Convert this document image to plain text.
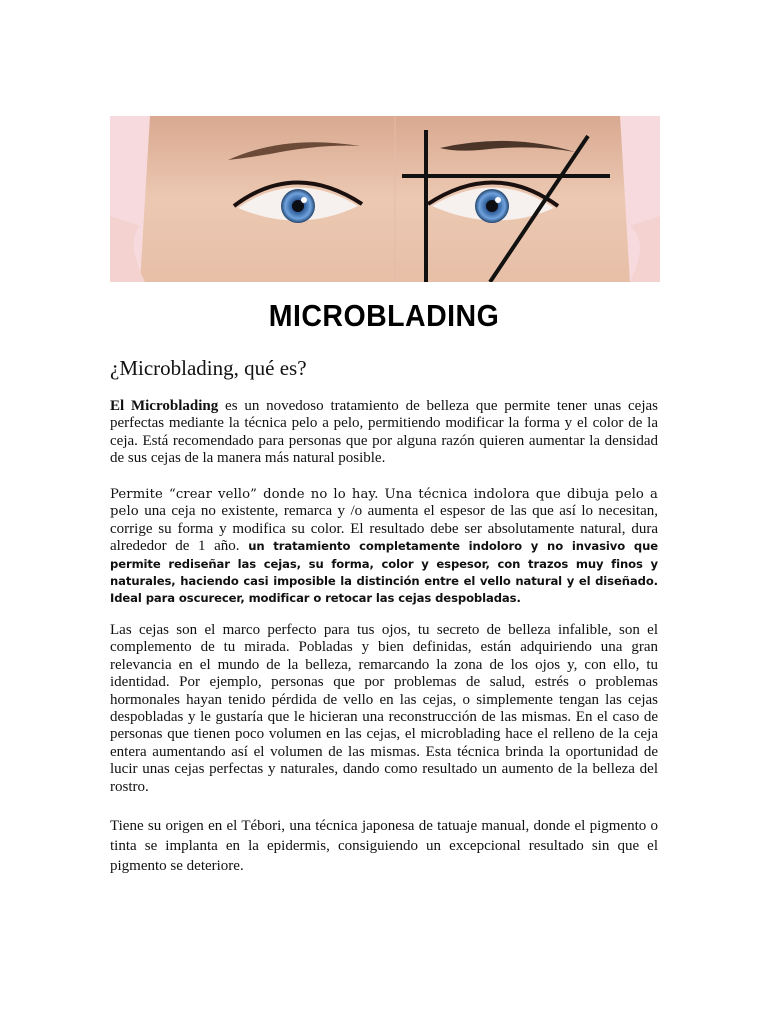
MICROBLADING
¿Microblading, qué es?
El Microblading es un novedoso tratamiento de belleza que permite tener unas cejas perfectas mediante la técnica pelo a pelo, permitiendo modificar la forma y el color de la ceja. Está recomendado para personas que por alguna razón quieren aumentar la densidad de sus cejas de la manera más natural posible.
Permite “crear vello” donde no lo hay. Una técnica indolora que dibuja pelo a pelo una ceja no existente, remarca y /o aumenta el espesor de las que así lo necesitan, corrige su forma y modifica su color. El resultado debe ser absolutamente natural, dura alrededor de 1 año. un tratamiento completamente indoloro y no invasivo que permite rediseñar las cejas, su forma, color y espesor, con trazos muy finos y naturales, haciendo casi imposible la distinción entre el vello natural y el diseñado. Ideal para oscurecer, modificar o retocar las cejas despobladas.
Las cejas son el marco perfecto para tus ojos, tu secreto de belleza infalible, son el complemento de tu mirada. Pobladas y bien definidas, están adquiriendo una gran relevancia en el mundo de la belleza, remarcando la zona de los ojos y, con ello, tu identidad. Por ejemplo, personas que por problemas de salud, estrés o problemas hormonales hayan tenido pérdida de vello en las cejas, o simplemente tengan las cejas despobladas y le gustaría que le hicieran una reconstrucción de las mismas. En el caso de personas que tienen poco volumen en las cejas, el microblading hace el relleno de la ceja entera aumentando así el volumen de las mismas. Esta técnica brinda la oportunidad de lucir unas cejas perfectas y naturales, dando como resultado un aumento de la belleza del rostro.
Tiene su origen en el Tébori, una técnica japonesa de tatuaje manual, donde el pigmento o tinta se implanta en la epidermis, consiguiendo un excepcional resultado sin que el pigmento se deteriore.
